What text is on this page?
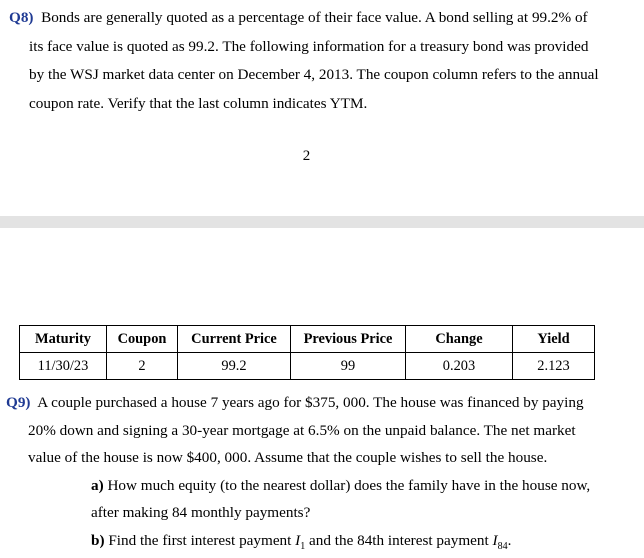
Q8) Bonds are generally quoted as a percentage of their face value. A bond selling at 99.2% of
its face value is quoted as 99.2. The following information for a treasury bond was provided
by the WSJ market data center on December 4, 2013. The coupon column refers to the annual
coupon rate. Verify that the last column indicates YTM.
2
Maturity	Coupon	Current Price	Previous Price	Change	Yield
11/30/23	2	99.2	99	0.203	2.123
Q9) A couple purchased a house 7 years ago for $375, 000. The house was financed by paying
20% down and signing a 30-year mortgage at 6.5% on the unpaid balance. The net market
value of the house is now $400, 000. Assume that the couple wishes to sell the house.
a) How much equity (to the nearest dollar) does the family have in the house now,
after making 84 monthly payments?
b) Find the first interest payment $I_1$ and the 84th interest payment $I_{84}$.
